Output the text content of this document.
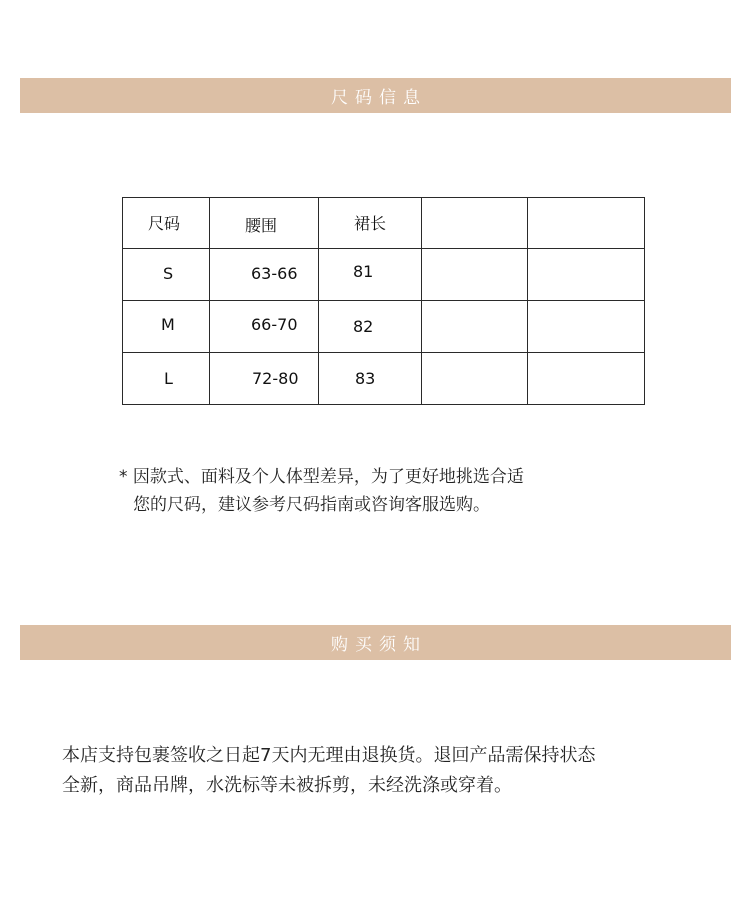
尺码信息
尺码	腰围	裙长		

S	63-66	81		

M	66-70	82		

L	72-80	83		

* 因款式、面料及个人体型差异，为了更好地挑选合适
您的尺码，建议参考尺码指南或咨询客服选购。
购买须知
本店支持包裹签收之日起7天内无理由退换货。退回产品需保持状态
全新，商品吊牌，水洗标等未被拆剪，未经洗涤或穿着。
